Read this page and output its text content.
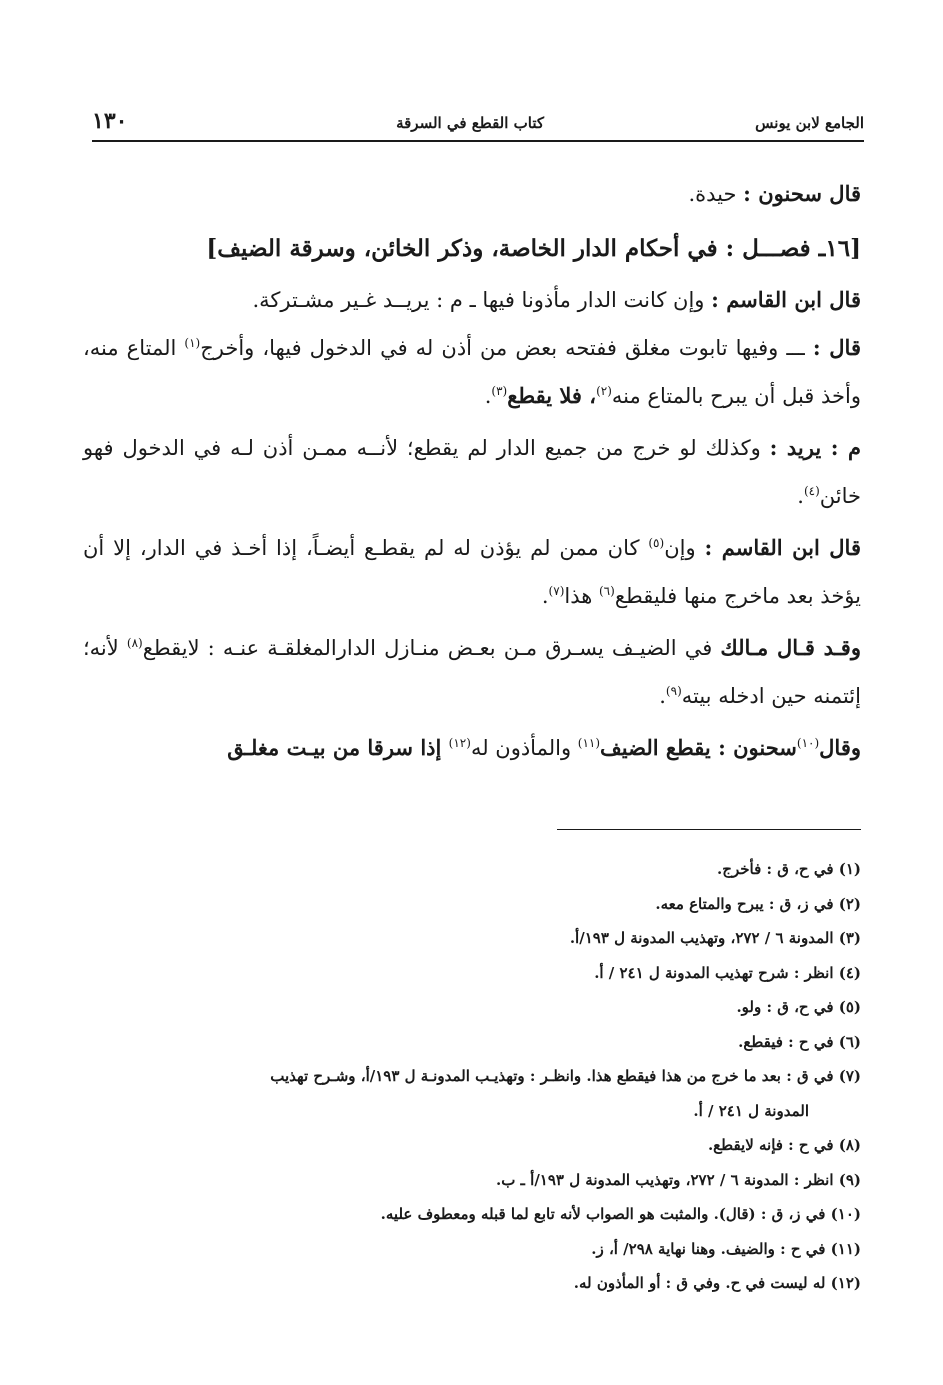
الجامع لابن يونس
كتاب القطع في السرقة
١٣٠

قال سحنون : حيدة.

[١٦ـ فصـــل : في أحكام الدار الخاصة، وذكر الخائن، وسرقة الضيف]

قال ابن القاسم : وإن كانت الدار مأذونا فيها ـ م : يريــد غـير مشـتركة.

قال : ـــ وفيها تابوت مغلق ففتحه بعض من أذن له في الدخول فيها، وأخرج$^{(١)}$ المتاع منه، وأخذ قبل أن يبرح بالمتاع منه$^{(٢)}$، فلا يقطع$^{(٣)}$.

م : يريد : وكذلك لو خرج من جميع الدار لم يقطع؛ لأنــه ممـن أذن لـه في الدخول فهو خائن$^{(٤)}$.

قال ابن القاسم : وإن$^{(٥)}$ كان ممن لم يؤذن له لم يقطـع أيضـاً، إذا أخـذ في الدار، إلا أن يؤخذ بعد ماخرج منها فليقطع$^{(٦)}$ هذا$^{(٧)}$.

وقـد قـال مـالك في الضيـف يسـرق مـن بعـض منـازل الدارالمغلقـة عنـه : لايقطع$^{(٨)}$ لأنه؛ إئتمنه حين ادخله بيته$^{(٩)}$.

وقال$^{(١٠)}$سحنون : يقطع الضيف$^{(١١)}$ والمأذون له$^{(١٢)}$ إذا سرقا من بيـت مغلـق

(١) في ح، ق : فأخرج.

(٢) في ز، ق : يبرح والمتاع معه.

(٣) المدونة ٦ / ٢٧٢، وتهذيب المدونة ل ١٩٣/أ.

(٤) انظر : شرح تهذيب المدونة ل ٢٤١ / أ.

(٥) في ح، ق : ولو.

(٦) في ح : فيقطع.

(٧) في ق : بعد ما خرج من هذا فيقطع هذا. وانظـر : وتهذيـب المدونـة ل ١٩٣/أ، وشـرح تهذيب

المدونة ل ٢٤١ / أ.

(٨) في ح : فإنه لايقطع.

(٩) انظر : المدونة ٦ / ٢٧٢، وتهذيب المدونة ل ١٩٣/أ ـ ب.

(١٠) في ز، ق : (قال). والمثبت هو الصواب لأنه تابع لما قبله ومعطوف عليه.

(١١) في ح : والضيف. وهنا نهاية ٢٩٨/ أ، ز.

(١٢) له ليست في ح. وفي ق : أو المأذون له.
